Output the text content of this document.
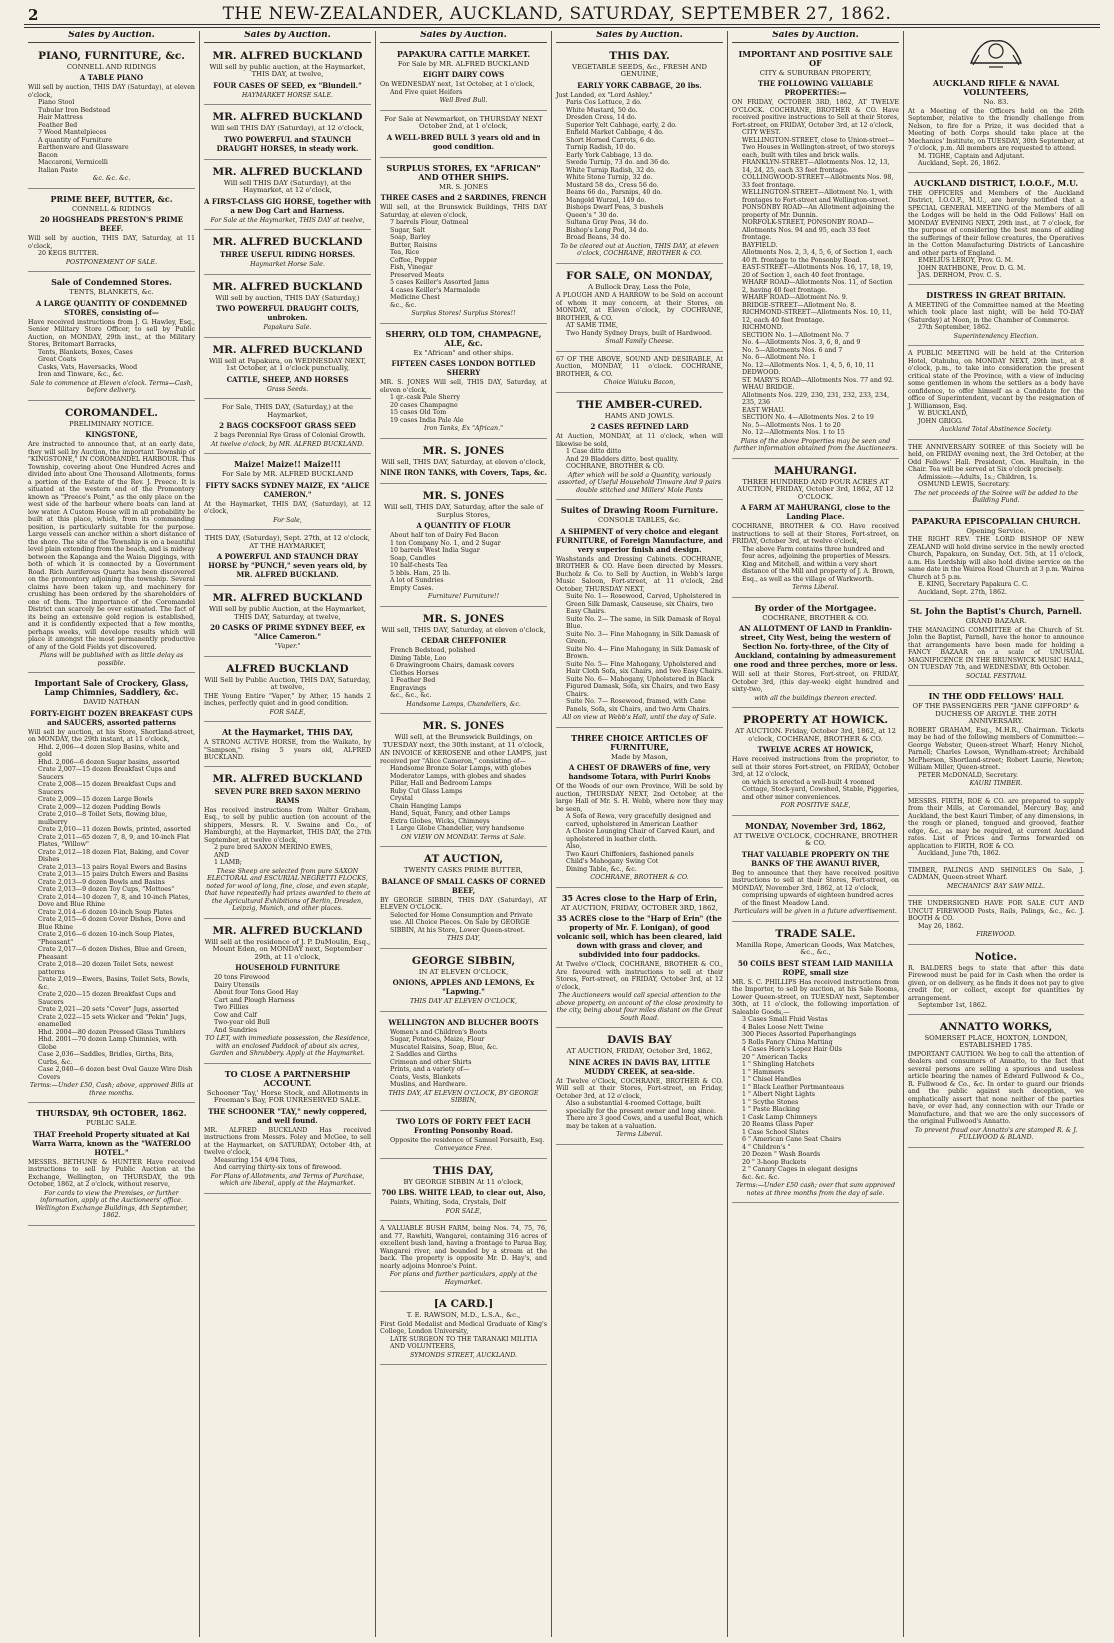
2	THE NEW-ZEALANDER, AUCKLAND, SATURDAY, SEPTEMBER 27, 1862.
Sales by Auction.
PIANO, FURNITURE, &c.
CONNELL AND RIDINGS
A TABLE PIANO
Will sell by auction, THIS DAY (Saturday), at eleven o'clock,
Piano Stool
Tubular Iron Bedstead
Hair Mattress
Feather Bed
7 Wood Mantelpieces
A quantity of Furniture
Earthenware and Glassware
Bacon
Maccaroni, Vermicelli
Italian Paste
&c. &c. &c.
PRIME BEEF, BUTTER, &c.
CONNELL & RIDINGS
20 HOGSHEADS PRESTON'S PRIME BEEF.
Will sell by auction, THIS DAY, Saturday, at 11 o'clock,
20 KEGS BUTTER.
POSTPONEMENT OF SALE.
Sale of Condemned Stores.
TENTS, BLANKETS, &c.
A LARGE QUANTITY OF CONDEMNED STORES, consisting of—
Have received instructions from J. G. Hawley, Esq., Senior Military Store Officer, to sell by Public Auction, on MONDAY, 29th inst., at the Military Stores, Britomart Barracks,
Tents, Blankets, Boxes, Cases
Great Coats
Casks, Vats, Haversacks, Wood
Iron and Tinware, &c., &c.
Sale to commence at Eleven o'clock. Terms—Cash, before delivery.
COROMANDEL.
PRELIMINARY NOTICE.
KINGSTONE,
Are instructed to announce that, at an early date, they will sell by Auction, the important Township of "KINGSTONE," IN COROMANDEL HARBOUR. This Township, covering about One Hundred Acres and divided into about One Thousand Allotments, forms a portion of the Estate of the Rev. J. Preece. It is situated at the western end of the Promontory known as "Preece's Point," as the only place on the west side of the harbour where boats can land at low water. A Custom House will in all probability be built at this place, which, from its commanding position, is particularly suitable for the purpose. Large vessels can anchor within a short distance of the shore. The site of the Township is on a beautiful level plain extending from the beach, and is midway between the Kapanga and the Waiau Diggings, with both of which it is connected by a Government Road. Rich Auriferous Quartz has been discovered on the promontory adjoining the township. Several claims have been taken up, and machinery for crushing has been ordered by the shareholders of one of them. The importance of the Coromandel District can scarcely be over estimated. The fact of its being an extensive gold region is established, and it is confidently expected that a few months, perhaps weeks, will develope results which will place it amongst the most permanently productive of any of the Gold Fields yet discovered.
Plans will be published with as little delay as possible.
Important Sale of Crockery, Glass, Lamp Chimnies, Saddlery, &c.
DAVID NATHAN
FORTY-EIGHT DOZEN BREAKFAST CUPS and SAUCERS, assorted patterns
Will sell by auction, at his Store, Shortland-street, on MONDAY, the 29th instant, at 11 o'clock,
Hhd. 2,006—4 dozen Slop Basins, white and gold
Hhd. 2,006—6 dozen Sugar basins, assorted
Crate 2,007—15 dozen Breakfast Cups and Saucers
Crate 2,008—15 dozen Breakfast Cups and Saucers
Crate 2,009—15 dozen Large Bowls
Crate 2,009—12 dozen Pudding Bowls
Crate 2,010—8 Toilet Sets, flowing blue, mulberry
Crate 2,010—11 dozen Bowls, printed, assorted
Crate 2,011—65 dozen 7, 8, 9, and 10-inch Flat Plates, "Willow"
Crate 2,012—18 dozen Flat, Baking, and Cover Dishes
Crate 2,013—13 pairs Royal Ewers and Basins
Crate 2,013—15 pairs Dutch Ewers and Basins
Crate 2,013—9 dozen Bowls and Basins
Crate 2,013—9 dozen Toy Cups, "Mottoes"
Crate 2,014—10 dozen 7, 8, and 10-inch Plates, Dove and Blue Rhine
Crate 2,014—6 dozen 10-inch Soup Plates
Crate 2,015—6 dozen Cover Dishes, Dove and Blue Rhine
Crate 2,016—6 dozen 10-inch Soup Plates, "Pheasant"
Crate 2,017—6 dozen Dishes, Blue and Green, Pheasant
Crate 2,018—20 dozen Toilet Sets, newest patterns
Crate 2,019—Ewers, Basins, Toilet Sets, Bowls, &c.
Crate 2,020—15 dozen Breakfast Cups and Saucers
Crate 2,021—20 sets "Cover" Jugs, assorted
Crate 2,022—15 sets Wicker and "Pekin" Jugs, enamelled
Hhd. 2004—80 dozen Pressed Glass Tumblers
Hhd. 2001—70 dozen Lamp Chimnies, with Globe
Case 2,036—Saddles, Bridles, Girths, Bits, Curbs, &c.
Case 2,040—6 dozen best Oval Gauze Wire Dish Covers
Terms:—Under £50, Cash; above, approved Bills at three months.
THURSDAY, 9th OCTOBER, 1862.
PUBLIC SALE.
THAT Freehold Property situated at Kai Warra Warra, known as the "WATERLOO HOTEL."
MESSRS. BETHUNE & HUNTER Have received instructions to sell by Public Auction at the Exchange, Wellington, on THURSDAY, the 9th October, 1862, at 2 o'clock, without reserve,
For cards to view the Premises, or further information, apply at the Auctioneers' office. Wellington Exchange Buildings, 4th September, 1862.
Sales by Auction.
MR. ALFRED BUCKLAND
Will sell by public auction, at the Haymarket, THIS DAY, at twelve,
FOUR CASES OF SEED, ex "Blundell."
HAYMARKET HORSE SALE.
MR. ALFRED BUCKLAND
Will sell THIS DAY (Saturday), at 12 o'clock,
TWO POWERFUL and STAUNCH DRAUGHT HORSES, in steady work.
MR. ALFRED BUCKLAND
Will sell THIS DAY (Saturday), at the Haymarket, at 12 o'clock,
A FIRST-CLASS GIG HORSE, together with a new Dog Cart and Harness.
For Sale at the Haymarket, THIS DAY at twelve,
MR. ALFRED BUCKLAND
THREE USEFUL RIDING HORSES.
Haymarket Horse Sale.
MR. ALFRED BUCKLAND
Will sell by auction, THIS DAY (Saturday,)
TWO POWERFUL DRAUGHT COLTS, unbroken.
Papakura Sale.
MR. ALFRED BUCKLAND
Will sell at Papakura, on WEDNESDAY NEXT, 1st October, at 1 o'clock punctually,
CATTLE, SHEEP, AND HORSES
Grass Seeds.
For Sale, THIS DAY, (Saturday,) at the Haymarket,
2 BAGS COCKSFOOT GRASS SEED
2 bags Perennial Rye Grass of Colonial Growth.
At twelve o'clock, by MR. ALFRED BUCKLAND.
Maize! Maize!! Maize!!!
For Sale by MR. ALFRED BUCKLAND
FIFTY SACKS SYDNEY MAIZE, EX "ALICE CAMERON."
At the Haymarket, THIS DAY, (Saturday), at 12 o'clock,
For Sale,
THIS DAY, (Saturday), Sept. 27th, at 12 o'clock, AT THE HAYMARKET,
A POWERFUL AND STAUNCH DRAY HORSE by "PUNCH," seven years old, by MR. ALFRED BUCKLAND.
MR. ALFRED BUCKLAND
Will sell by public Auction, at the Haymarket, THIS DAY, Saturday, at twelve,
20 CASKS OF PRIME SYDNEY BEEF, ex "Alice Cameron."
"Vaper."
ALFRED BUCKLAND
Will Sell by Public Auction, THIS DAY, Saturday, at twelve,
THE Young Entire "Vaper," by Ather, 15 hands 2 inches, perfectly quiet and in good condition.
FOR SALE,
At the Haymarket, THIS DAY,
A STRONG ACTIVE HORSE, from the Waikato, by "Sampson," rising 5 years old, ALFRED BUCKLAND.
MR. ALFRED BUCKLAND
SEVEN PURE BRED SAXON MERINO RAMS
Has received instructions from Walter Graham, Esq., to sell by public auction (on account of the shippers, Messrs. R. V. Swaine and Co., of Hamburgh), at the Haymarket, THIS DAY, the 27th September, at twelve o'clock,
2 pure bred SAXON MERINO EWES,
AND
1 LAMB;
These Sheep are selected from pure SAXON ELECTORAL and ESCURIAL NEGRETTI FLOCKS, noted for wool of long, fine, close, and even staple, that have repeatedly had prizes awarded to them at the Agricultural Exhibitions of Berlin, Dresden, Leipzig, Munich, and other places.
MR. ALFRED BUCKLAND
Will sell at the residence of J. P. DuMoulin, Esq., Mount Eden, on MONDAY next, September 29th, at 11 o'clock,
HOUSEHOLD FURNITURE
20 tons Firewood
Dairy Utensils
About four Tons Good Hay
Cart and Plough Harness
Two Fillies
Cow and Calf
Two-year old Bull
And Sundries
TO LET, with immediate possession, the Residence, with an enclosed Paddock of about six acres, Garden and Shrubbery. Apply at the Haymarket.
TO CLOSE A PARTNERSHIP ACCOUNT.
Schooner 'Tay,' Horse Stock, and Allotments in Freeman's Bay, FOR UNRESERVED SALE.
THE SCHOONER "TAY," newly coppered, and well found.
MR. ALFRED BUCKLAND Has received instructions from Messrs. Foley and McGee, to sell at the Haymarket, on SATURDAY, October 4th, at twelve o'clock,
Measuring 154 4/94 Tons,
And carrying thirty-six tons of firewood.
For Plans of Allotments, and Terms of Purchase, which are liberal, apply at the Haymarket.
Sales by Auction.
PAPAKURA CATTLE MARKET.
For Sale by MR. ALFRED BUCKLAND
EIGHT DAIRY COWS
On WEDNESDAY next, 1st October, at 1 o'clock,
And Five quiet Heifers
Well Bred Bull.
For Sale at Newmarket, on THURSDAY NEXT October 2nd, at 1 o'clock,
A WELL-BRED BULL 3 years old and in good condition.
SURPLUS STORES, EX "AFRICAN" AND OTHER SHIPS.
MR. S. JONES
THREE CASES and 2 SARDINES, FRENCH
Will sell, at the Brunswick Buildings, THIS DAY Saturday, at eleven o'clock,
7 barrels Flour, Oatmeal
Sugar, Salt
Soap, Barley
Butter, Raisins
Tea, Rice
Coffee, Pepper
Fish, Vinegar
Preserved Meats
5 cases Keiller's Assorted Jams
4 cases Keiller's Marmalade
Medicine Chest
&c., &c.
Surplus Stores! Surplus Stores!!
SHERRY, OLD TOM, CHAMPAGNE, ALE, &c.
Ex "African" and other ships.
FIFTEEN CASES LONDON BOTTLED SHERRY
MR. S. JONES Will sell, THIS DAY, Saturday, at eleven o'clock,
1 qr.-cask Pale Sherry
20 cases Champagne
15 cases Old Tom
19 cases India Pale Ale
Iron Tanks, Ex "African."
MR. S. JONES
Will sell, THIS DAY, Saturday, at eleven o'clock,
NINE IRON TANKS, with Covers, Taps, &c.
MR. S. JONES
Will sell, THIS DAY, Saturday, after the sale of Surplus Stores,
A QUANTITY OF FLOUR
About half ton of Dairy Fed Bacon
1 ton Company No. 1, and 2 Sugar
10 barrels West India Sugar
Soap, Candles
10 half-chests Tea
5 bbls. Ham, 25 lb.
A lot of Sundries
Empty Cases.
Furniture! Furniture!!
MR. S. JONES
Will sell, THIS DAY, Saturday, at eleven o'clock,
CEDAR CHEFFONIER
French Bedstead, polished
Dining Table, Loo
6 Drawingroom Chairs, damask covers
Clothes Horses
1 Feather Bed
Engravings
&c., &c., &c.
Handsome Lamps, Chandeliers, &c.
MR. S. JONES
Will sell, at the Brunswick Buildings, on TUESDAY next, the 30th instant, at 11 o'clock,
AN INVOICE of KEROSENE and other LAMPS, just received per "Alice Cameron," consisting of—
Handsome Bronze Solar Lamps, with globes
Moderator Lamps, with globes and shades
Pillar, Hall and Bedroom Lamps
Ruby Cut Glass Lamps
Crystal
Chain Hanging Lamps
Hand, Squat, Fancy, and other Lamps
Extra Globes, Wicks, Chimneys
1 Large Globe Chandelier, very handsome
ON VIEW ON MONDAY. Terms at Sale.
AT AUCTION,
TWENTY CASKS PRIME BUTTER,
BALANCE OF SMALL CASKS OF CORNED BEEF,
BY GEORGE SIBBIN, THIS DAY (Saturday), AT ELEVEN O'CLOCK.
Selected for Home Consumption and Private use. All Choice Pieces. On Sale by GEORGE SIBBIN, At his Store, Lower Queen-street.
THIS DAY,
GEORGE SIBBIN,
IN AT ELEVEN O'CLOCK,
ONIONS, APPLES AND LEMONS, Ex "Lapwing."
THIS DAY AT ELEVEN O'CLOCK,
WELLINGTON AND BLUCHER BOOTS
Women's and Children's Boots
Sugar, Potatoes, Maize, Flour
Muscatel Raisins, Soap, Blue, &c.
2 Saddles and Girths
Crimean and other Shirts
Prints, and a variety of—
Coats, Vests, Blankets
Muslins, and Hardware.
THIS DAY, AT ELEVEN O'CLOCK, BY GEORGE SIBBIN,
TWO LOTS OF FORTY FEET EACH Fronting Ponsonby Road.
Opposite the residence of Samuel Forsaith, Esq.
Conveyance Free.
THIS DAY,
BY GEORGE SIBBIN At 11 o'clock,
700 LBS. WHITE LEAD, to clear out, Also,
Paints, Whiting, Soda, Crystals, Delf
FOR SALE,
A VALUABLE BUSH FARM, being Nos. 74, 75, 76, and 77, Rawhiti, Wangarei, containing 316 acres of excellent bush land, having a frontage to Parua Bay, Wangarei river, and bounded by a stream at the back. The property is opposite Mr. D. Hay's, and nearly adjoins Monroe's Point.
For plans and further particulars, apply at the Haymarket.
[A CARD.]
T. E. RAWSON, M.D., L.S.A., &c.,
First Gold Medalist and Medical Graduate of King's College, London University,
LATE SURGEON TO THE TARANAKI MILITIA AND VOLUNTEERS,
SYMONDS STREET, AUCKLAND.
Sales by Auction.
THIS DAY.
VEGETABLE SEEDS, &c., FRESH AND GENUINE,
EARLY YORK CABBAGE, 20 lbs.
Just Landed, ex "Lord Ashley."
Paris Cos Lettuce, 2 do.
White Mustard, 50 do.
Dresden Cress, 14 do.
Superior Yelt Cabbage, early, 2 do.
Enfield Market Cabbage, 4 do.
Short Horned Carrots, 6 do.
Turnip Radish, 10 do.
Early York Cabbage, 13 do.
Swede Turnip, 73 do. and 36 do.
White Turnip Radish, 32 do.
White Stone Turnip, 32 do.
Mustard 58 do., Cress 56 do.
Beans 66 do., Parsnips, 40 do.
Mangold Wurzel, 149 do.
Bishops Dwarf Peas, 3 bushels
Queen's " 30 do.
Sultana Gray Peas, 34 do.
Bishop's Long Pod, 34 do.
Broad Beans, 34 do.
To be cleared out at Auction, THIS DAY, at eleven o'clock, COCHRANE, BROTHER & CO.
FOR SALE, ON MONDAY,
A Bullock Dray, Less the Pole,
A PLOUGH AND A HARROW to be Sold on account of whom it may concern, at their Stores, on MONDAY, at Eleven o'clock, by COCHRANE, BROTHER, & CO.
AT SAME TIME,
Two Handy Sydney Drays, built of Hardwood.
Small Family Cheese.
67 OF THE ABOVE, SOUND AND DESIRABLE, At Auction, MONDAY, 11 o'clock. COCHRANE, BROTHER, & CO.
Choice Waiuku Bacon,
THE AMBER-CURED.
HAMS AND JOWLS.
2 CASES REFINED LARD
At Auction, MONDAY, at 11 o'clock, when will likewise be sold,
1 Case ditto ditto
And 29 Bladders ditto, best quality.
COCHRANE, BROTHER & CO.
After which will be sold a Quantity, variously assorted, of Useful Household Tinware And 9 pairs double stitched and Millers' Mole Pants
Suites of Drawing Room Furniture.
CONSOLE TABLES, &c.
A SHIPMENT of very choice and elegant FURNITURE, of Foreign Manufacture, and very superior finish and design.
Washstands and Dressing Cabinets. COCHRANE, BROTHER & CO. Have been directed by Messrs. Bucholz & Co. to Sell by Auction, in Webb's large Music Saloon, Fort-street, at 11 o'clock, 2nd October, THURSDAY NEXT,
Suite No. 1— Rosewood, Carved, Upholstered in Green Silk Damask, Causeuse, six Chairs, two Easy Chairs.
Suite No. 2— The same, in Silk Damask of Royal Blue.
Suite No. 3— Fine Mahogany, in Silk Damask of Green.
Suite No. 4— Fine Mahogany, in Silk Damask of Brown.
Suite No. 5— Fine Mahogany, Upholstered and Hair Cloth Sofa, six Chairs, and two Easy Chairs.
Suite No. 6— Mahogany, Upholstered in Black Figured Damask, Sofa, six Chairs, and two Easy Chairs.
Suite No. 7— Rosewood, framed, with Cane Panels, Sofa, six Chairs, and two Arm Chairs.
All on view at Webb's Hall, until the day of Sale.
THREE CHOICE ARTICLES OF FURNITURE,
Made by Mason,
A CHEST OF DRAWERS of fine, very handsome Totara, with Puriri Knobs
Of the Woods of our own Province, Will be sold by auction, THURSDAY NEXT, 2nd October, at the large Hall of Mr. S. H. Webb, where now they may be seen,
A Sofa of Rewa, very gracefully designed and carved, upholstered in American Leather
A Choice Lounging Chair of Carved Kauri, and upholstered in leather cloth.
Also,
Two Kauri Chiffoniers, fashioned panels
Child's Mahogany Swing Cot
Dining Table, &c., &c.
COCHRANE, BROTHER & CO.
35 Acres close to the Harp of Erin,
AT AUCTION, FRIDAY, OCTOBER 3RD, 1862,
35 ACRES close to the "Harp of Erin" (the property of Mr. F. Lonigan), of good volcanic soil, which has been cleared, laid down with grass and clover, and subdivided into four paddocks.
At Twelve o'Clock, COCHRANE, BROTHER & CO., Are favoured with instructions to sell at their Stores, Fort-street, on FRIDAY, October 3rd, at 12 o'clock,
The Auctioneers would call special attention to the above property, on account of the close proximity to the city, being about four miles distant on the Great South Road.
DAVIS BAY
AT AUCTION, FRIDAY, October 3rd, 1862,
NINE ACRES IN DAVIS BAY, LITTLE MUDDY CREEK, at sea-side.
At Twelve o'Clock, COCHRANE, BROTHER & CO. Will sell at their Stores, Fort-street, on Friday, October 3rd, at 12 o'clock,
Also a substantial 4-roomed Cottage, built specially for the present owner and long since.
There are 3 good Cows, and a useful Boat, which may be taken at a valuation.
Terms Liberal.
Sales by Auction.
IMPORTANT AND POSITIVE SALE OF
CITY & SUBURBAN PROPERTY,
THE FOLLOWING VALUABLE PROPERTIES:—
ON FRIDAY, OCTOBER 3RD, 1862, AT TWELVE O'CLOCK. COCHRANE, BROTHER & CO. Have received positive instructions to Sell at their Stores, Fort-street, on FRIDAY, October 3rd, at 12 o'clock,
CITY WEST.
WELLINGTON-STREET, close to Union-street—Two Houses in Wellington-street, of two storeys each, built with tiles and brick walls.
FRANKLYN-STREET—Allotments Nos. 12, 13, 14, 24, 25, each 33 feet frontage.
COLLINGWOOD-STREET—Allotments Nos. 98, 33 feet frontage.
WELLINGTON-STREET—Allotment No. 1, with frontages to Fort-street and Wellington-street.
PONSONBY ROAD—An Allotment adjoining the property of Mr. Dunnin.
NORFOLK-STREET, PONSONBY ROAD—Allotments Nos. 94 and 95, each 33 feet frontage.
BAYFIELD.
Allotments Nos. 2, 3, 4, 5, 6, of Section 1, each 40 ft. frontage to the Ponsonby Road.
EAST-STREET—Allotments Nos. 16, 17, 18, 19, 20 of Section 1, each 40 feet frontage.
WHARF ROAD—Allotments Nos. 11, of Section 2, having 40 feet frontage.
WHARF ROAD—Allotment No. 9.
BRIDGE-STREET—Allotment No. 8.
RICHMOND-STREET—Allotments Nos. 10, 11, 12, each 40 feet frontage.
RICHMOND.
SECTION No. 1—Allotment No. 7
No. 4—Allotments Nos. 3, 6, 8, and 9
No. 5—Allotments Nos. 6 and 7
No. 6—Allotment No. 1
No. 12—Allotments Nos. 1, 4, 5, 6, 10, 11
DEDWOOD.
ST. MARY'S ROAD—Allotments Nos. 77 and 92.
WHAU BRIDGE.
Allotments Nos. 229, 230, 231, 232, 233, 234, 235, 236
EAST WHAU.
SECTION No. 4—Allotments Nos. 2 to 19
No. 5—Allotments Nos. 1 to 20
No. 12—Allotments Nos. 1 to 15
Plans of the above Properties may be seen and further information obtained from the Auctioneers.
MAHURANGI.
THREE HUNDRED AND FOUR ACRES AT AUCTION, FRIDAY, October 3rd, 1862, AT 12 O'CLOCK.
A FARM AT MAHURANGI, close to the Landing Place.
COCHRANE, BROTHER & CO. Have received instructions to sell at their Stores, Fort-street, on FRIDAY, October 3rd, at twelve o'clock,
The above Farm contains three hundred and four acres, adjoining the properties of Messrs. King and Mitchell, and within a very short distance of the Mill and property of J. A. Brown, Esq., as well as the village of Warkworth.
Terms Liberal.
By order of the Mortgagee.
COCHRANE, BROTHER & CO.
AN ALLOTMENT OF LAND in Franklin-street, City West, being the western of Section No. forty-three, of the City of Auckland, containing by admeasurement one rood and three perches, more or less.
Will sell at their Stores, Fort-street, on FRIDAY, October 3rd, (this day-week) eight hundred and sixty-two,
with all the buildings thereon erected.
PROPERTY AT HOWICK.
AT AUCTION. Friday, October 3rd, 1862, at 12 o'clock, COCHRANE, BROTHER & CO.
TWELVE ACRES AT HOWICK,
Have received instructions from the proprietor, to sell at their stores Fort-street, on FRIDAY, October 3rd, at 12 o'clock,
on which is erected a well-built 4 roomed Cottage, Stock-yard, Cowshed, Stable, Piggeries, and other minor conveniences.
FOR POSITIVE SALE,
MONDAY, November 3rd, 1862,
AT TWELVE O'CLOCK, COCHRANE, BROTHER & CO.
THAT VALUABLE PROPERTY ON THE BANKS OF THE AWANUI RIVER,
Beg to announce that they have received positive instructions to sell at their Stores, Fort-street, on MONDAY, November 3rd, 1862, at 12 o'clock,
comprising upwards of eighteen hundred acres of the finest Meadow Land.
Particulars will be given in a future advertisement.
TRADE SALE.
Manilla Rope, American Goods, Wax Matches, &c., &c.,
50 COILS BEST STEAM LAID MANILLA ROPE, small size
MR. S. C. PHILLIPS Has received instructions from the Importer, to sell by auction, at his Sale Rooms, Lower Queen-street, on TUESDAY next, September 30th, at 11 o'clock, the following importation of Saleable Goods,—
3 Cases Small Fluid Vestas
4 Bales Loose Nett Twine
300 Pieces Assorted Paperhangings
5 Rolls Fancy China Matting
4 Cases Horn's Lopez Hair Oils
20 " American Tacks
1 " Shingling Hatchets
1 " Hammers
1 " Chisel Handles
1 " Black Leather Portmanteaus
1 " Albert Night Lights
1 " Scythe Stones
1 " Paste Blacking
1 Cask Lamp Chimneys
20 Reams Glass Paper
1 Case School Slates
6 " American Cane Seat Chairs
4 " Children's "
20 Dozen " Wash Boards
20 " 3-hoop Buckets
2 " Canary Cages in elegant designs
&c. &c. &c.
Terms:—Under £50 cash; over that sum approved notes at three months from the day of sale.
AUCKLAND RIFLE & NAVAL VOLUNTEERS,
No. 83.
At a Meeting of the Officers held on the 26th September, relative to the friendly challenge from Nelson, to fire for a Prize, it was decided that a Meeting of both Corps should take place at the Mechanics' Institute, on TUESDAY, 30th September, at 7 o'clock, p.m. All members are requested to attend.
M. TIGHE, Captain and Adjutant.
Auckland, Sept. 26, 1862.
AUCKLAND DISTRICT, I.O.O.F., M.U.
THE OFFICERS and Members of the Auckland District, I.O.O.F., M.U., are hereby notified that a SPECIAL GENERAL MEETING of the Members of all the Lodges will be held in the Odd Fellows' Hall on MONDAY EVENING NEXT, 29th inst., at 7 o'clock, for the purpose of considering the best means of aiding the sufferings of their fellow creatures, the Operatives in the Cotton Manufacturing Districts of Lancashire and other parts of England.
EMELIUS LEROY, Prov. G. M.
JOHN RATHBONE, Prov. D. G. M.
JAS. DERHOM, Prov. C. S.
DISTRESS IN GREAT BRITAIN.
A MEETING of the Committee named at the Meeting which took place last night, will be held TO-DAY (Saturday) at Noon, in the Chamber of Commerce.
27th September, 1862.
Superintendency Election.
A PUBLIC MEETING will be held at the Criterion Hotel, Otahuhu, on MONDAY NEXT, 29th inst., at 8 o'clock, p.m., to take into consideration the present critical state of the Province, with a view of inducing some gentlemen in whom the settlers as a body have confidence, to offer himself as a Candidate for the office of Superintendent, vacant by the resignation of J. Williamson, Esq.
W. BUCKLAND,
JOHN GRIGG.
Auckland Total Abstinence Society.
THE ANNIVERSARY SOIREE of this Society will be held, on FRIDAY evening next, the 3rd October, at the Odd Fellows' Hall. President, Con. Haultain, in the Chair. Tea will be served at Six o'clock precisely.
Admission:—Adults, 1s.; Children, 1s.
OSMUND LEWIS, Secretary.
The net proceeds of the Soiree will be added to the Building Fund.
PAPAKURA EPISCOPALIAN CHURCH.
Opening Service.
THE RIGHT REV. THE LORD BISHOP OF NEW ZEALAND will hold divine service in the newly erected Church, Papakura, on Sunday, Oct. 5th, at 11 o'clock, a.m. His Lordship will also hold divine service on the same date in the Wairoa Road Church at 3 p.m. Wairoa Church at 5 p.m.
E. KING, Secretary Papakura C. C.
Auckland, Sept. 27th, 1862.
St. John the Baptist's Church, Parnell.
GRAND BAZAAR.
THE MANAGING COMMITTEE of the Church of St. John the Baptist, Parnell, have the honor to announce that arrangements have been made for holding a FANCY BAZAAR on a scale of UNUSUAL MAGNIFICENCE IN THE BRUNSWICK MUSIC HALL, ON TUESDAY 7th, and WEDNESDAY, 8th October.
SOCIAL FESTIVAL
IN THE ODD FELLOWS' HALL
OF THE PASSENGERS PER "JANE GIFFORD" & DUCHESS OF ARGYLE. THE 20TH ANNIVERSARY.
ROBERT GRAHAM, Esq., M.H.R., Chairman. Tickets may be had of the following members of Committee:—George Webster, Queen-street Wharf; Henry Nichol, Parnell; Charles Lowson, Wyndham-street; Archibald McPherson, Shortland-street; Robert Laurie, Newton; William Miller, Queen-street.
PETER McDONALD, Secretary.
KAURI TIMBER.
MESSRS. FIRTH, ROE & CO. are prepared to supply from their Mills, at Coromandel, Mercury Bay, and Auckland, the best Kauri Timber, of any dimensions, in the rough or planed, tongued and grooved, feather edge, &c., as may be required, at current Auckland rates. List of Prices and Terms forwarded on application to FIRTH, ROE & CO.
Auckland, June 7th, 1862.
TIMBER, PALINGS AND SHINGLES On Sale, J. CADMAN, Queen-street Wharf.
MECHANICS' BAY SAW MILL.
THE UNDERSIGNED HAVE FOR SALE CUT AND UNCUT FIREWOOD Posts, Rails, Palings, &c., &c. J. BOOTH & CO.
May 26, 1862.
FIREWOOD.
Notice.
R. BALDERS begs to state that after this date Firewood must be paid for in Cash when the order is given, or on delivery, as he finds it does not pay to give credit for, or collect, except for quantities by arrangement.
September 1st, 1862.
ANNATTO WORKS,
SOMERSET PLACE, HOXTON, LONDON, ESTABLISHED 1785.
IMPORTANT CAUTION. We beg to call the attention of dealers and consumers of Annatto, to the fact that several persons are selling a spurious and useless article bearing the names of Edward Fullwood & Co., R. Fullwood & Co., &c. In order to guard our friends and the public against such deception, we emphatically assert that none neither of the parties have, or ever had, any connection with our Trade or Manufacture, and that we are the only successors of the original Fullwood's Annatto.
To prevent fraud our Annatto's are stamped R. & J. FULLWOOD & BLAND.
